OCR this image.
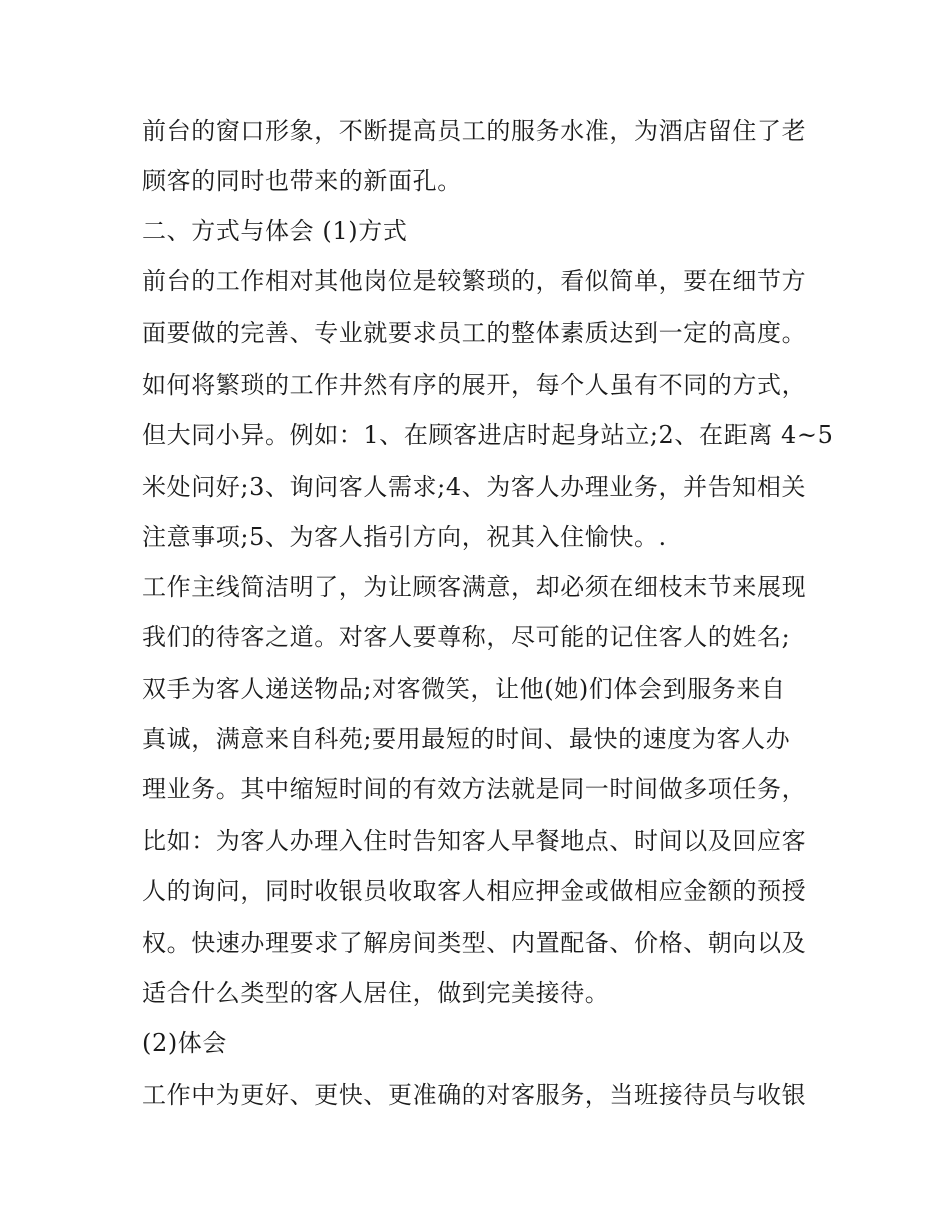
前台的窗口形象，不断提高员工的服务水准，为酒店留住了老
顾客的同时也带来的新面孔。
二、方式与体会 (1)方式
前台的工作相对其他岗位是较繁琐的，看似简单，要在细节方
面要做的完善、专业就要求员工的整体素质达到一定的高度。
如何将繁琐的工作井然有序的展开，每个人虽有不同的方式，
但大同小异。例如：1、在顾客进店时起身站立;2、在距离 4~5
米处问好;3、询问客人需求;4、为客人办理业务，并告知相关
注意事项;5、为客人指引方向，祝其入住愉快。.
工作主线简洁明了，为让顾客满意，却必须在细枝末节来展现
我们的待客之道。对客人要尊称，尽可能的记住客人的姓名;
双手为客人递送物品;对客微笑，让他(她)们体会到服务来自
真诚，满意来自科苑;要用最短的时间、最快的速度为客人办
理业务。其中缩短时间的有效方法就是同一时间做多项任务，
比如：为客人办理入住时告知客人早餐地点、时间以及回应客
人的询问，同时收银员收取客人相应押金或做相应金额的预授
权。快速办理要求了解房间类型、内置配备、价格、朝向以及
适合什么类型的客人居住，做到完美接待。
(2)体会
工作中为更好、更快、更准确的对客服务，当班接待员与收银
